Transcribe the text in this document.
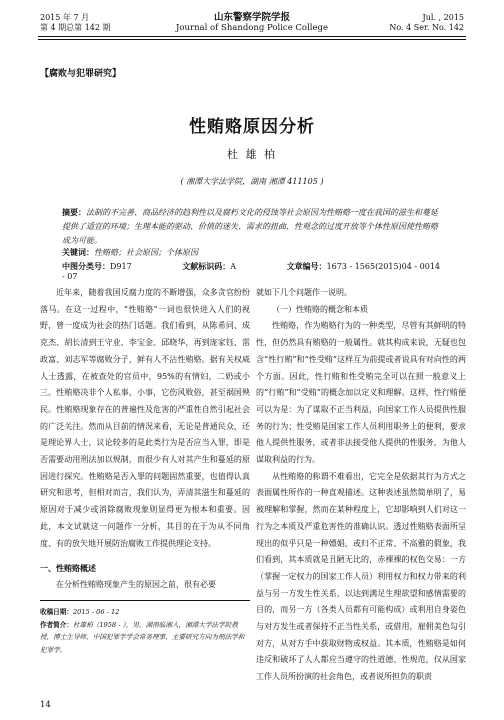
2015 年 7 月
第 4 期总第 142 期
山东警察学院学报
Journal of Shandong Police College
Jul. , 2015
No. 4 Ser. No. 142
【腐败与犯罪研究】
性贿赂原因分析
杜 雄 柏
( 湘潭大学法学院，湖南 湘潭 411105 )
摘要：法制的不完善、商品经济的趋利性以及腐朽文化的侵蚀等社会原因为性贿赂一度在我国的滋生和蔓延提供了适宜的环境；生理本能的驱动、价值的迷失、需求的扭曲、性观念的过度开放等个体性原因使性贿赂成为可能。
关键词：性贿赂；社会原因；个体原因
中图分类号：D917	文献标识码：A	文章编号：1673 - 1565(2015)04 - 0014 - 07

近年来，随着我国反腐力度的不断增强，众多贪官纷纷落马。在这一过程中，“性贿赂”一词也很快进入人们的视野，曾一度成为社会的热门话题。我们看到，从陈希同、成克杰、胡长清到王守业、李宝金、邱晓华，再到庞家钰、雷政富、刘志军等腐败分子，鲜有人不沾性贿赂。据有关权威人士透露，在被查处的官员中，95%的有情妇，二奶或小三。性贿赂决非个人私事，小事，它伤风败俗，甚至祸国殃民。性贿赂现象存在的普遍性及危害的严重性自然引起社会的广泛关注。然而从目前的情况来看，无论是普通民众，还是理论界人士，议论较多的是此类行为是否应当入罪，即是否需要动用刑法加以规制，而很少有人对其产生和蔓延的原因进行探究。性贿赂是否入罪的问题固然重要，也值得认真研究和思考，但相对而言，我们认为，弄清其滋生和蔓延的原因对于减少或消除腐败现象则显得更为根本和重要。因此，本文试就这一问题作一分析，其目的在于为从不同角度、有的放矢地开展防治腐败工作提供理论支持。

一、性贿赂概述

在分析性贿赂现象产生的原因之前，很有必要

就如下几个问题作一说明。

（一）性贿赂的概念和本质

性贿赂，作为贿赂行为的一种类型，尽管有其鲜明的特性，但仍然具有贿赂的一般属性。就其构成来说，无疑也包含“性行贿”和“性受贿”这样互为前提或者说具有对向性的两个方面。因此，性行贿和性受贿完全可以在照一般意义上的“行贿”和“受贿”的概念加以定义和理解。这样，性行贿便可以为是：为了谋取不正当利益，向国家工作人员提供性服务的行为；性受贿是国家工作人员利用职务上的便利，要求他人提供性服务，或者非法接受他人提供的性服务，为他人谋取利益的行为。

从性贿赂的称谓不难看出，它完全是依据其行为方式之表面属性所作的一种直观描述。这种表述虽然简单明了，易被理解和掌握，然而在某种程度上，它却影响到人们对这一行为之本质及严重危害性的准确认识。透过性贿赂表面所呈现出的似乎只是一种嫖娼，或归不正常、不高雅的假象，我们看到，其本质就是丑陋无比的，赤裸裸的权色交易：一方（掌握一定权力的国家工作人员）利用权力和权力带来的利益与另一方发生性关系，以达到满足生理欲望和感情需要的目的，而另一方（各类人员都有可能构成）或利用自身姿色与对方发生或者保持不正当性关系，或借用，雇佣美色勾引对方，从对方手中获取财物或权益。其本质，性贿赂是如何违反和破坏了人人都应当遵守的性道德、性规范，仅从国家工作人员所扮演的社会角色，或者说所担负的职责

收稿日期：2015 - 06 - 12
作者简介：杜雄柏（1958 - ），男，湖南临湘人，湘潭大学法学院教授，博士生导师，中国犯罪学学会常务理事，主要研究方向为刑法学和犯罪学。
14
